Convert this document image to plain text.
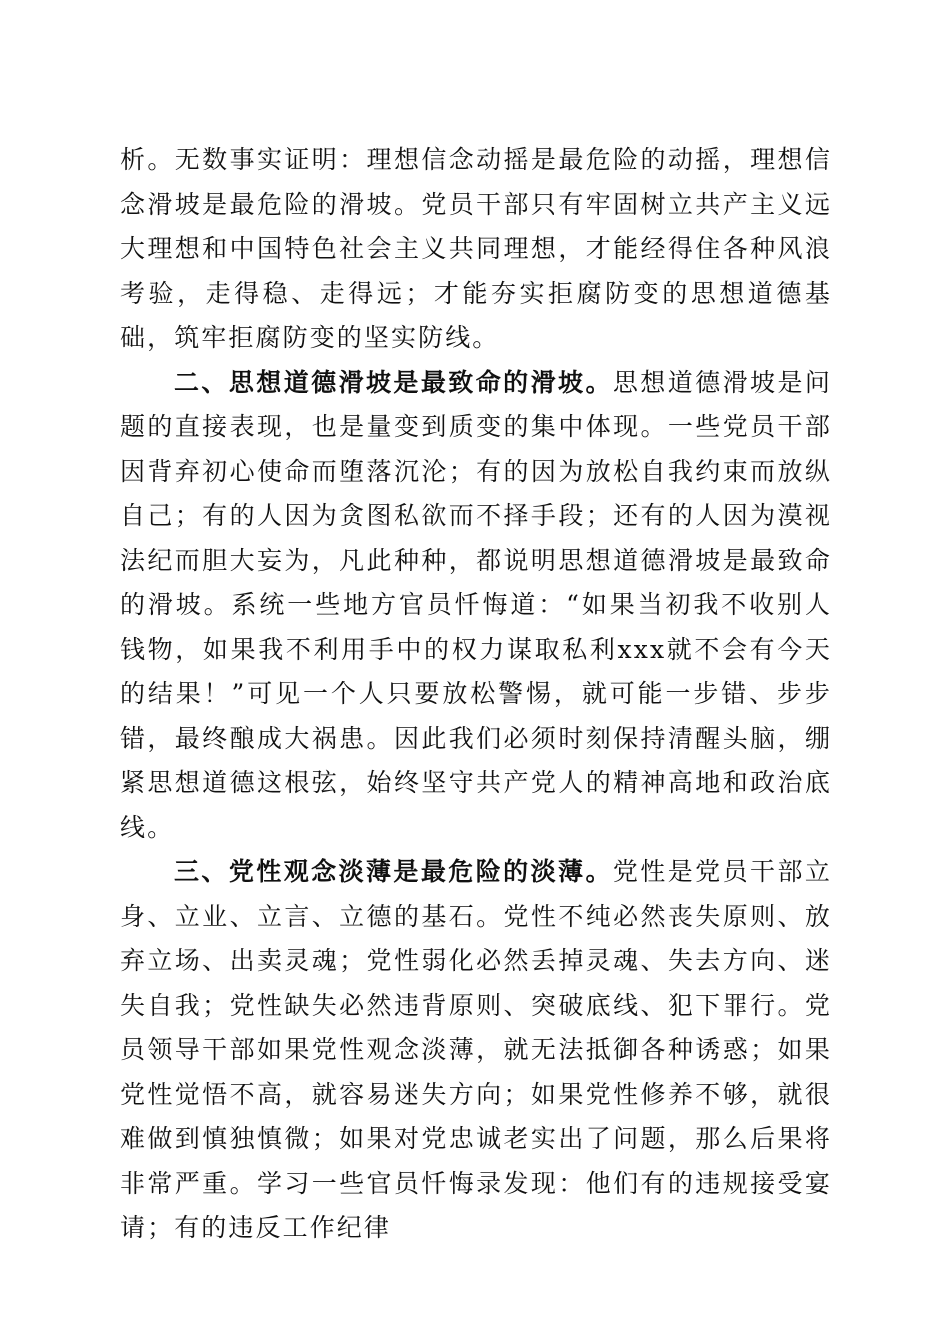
析。无数事实证明：理想信念动摇是最危险的动摇，理想信念滑坡是最危险的滑坡。党员干部只有牢固树立共产主义远大理想和中国特色社会主义共同理想，才能经得住各种风浪考验，走得稳、走得远；才能夯实拒腐防变的思想道德基础，筑牢拒腐防变的坚实防线。

二、思想道德滑坡是最致命的滑坡。思想道德滑坡是问题的直接表现，也是量变到质变的集中体现。一些党员干部因背弃初心使命而堕落沉沦；有的因为放松自我约束而放纵自己；有的人因为贪图私欲而不择手段；还有的人因为漠视法纪而胆大妄为，凡此种种，都说明思想道德滑坡是最致命的滑坡。系统一些地方官员忏悔道：“如果当初我不收别人钱物，如果我不利用手中的权力谋取私利xxx就不会有今天的结果！”可见一个人只要放松警惕，就可能一步错、步步错，最终酿成大祸患。因此我们必须时刻保持清醒头脑，绷紧思想道德这根弦，始终坚守共产党人的精神高地和政治底线。

三、党性观念淡薄是最危险的淡薄。党性是党员干部立身、立业、立言、立德的基石。党性不纯必然丧失原则、放弃立场、出卖灵魂；党性弱化必然丢掉灵魂、失去方向、迷失自我；党性缺失必然违背原则、突破底线、犯下罪行。党员领导干部如果党性观念淡薄，就无法抵御各种诱惑；如果党性觉悟不高，就容易迷失方向；如果党性修养不够，就很难做到慎独慎微；如果对党忠诚老实出了问题，那么后果将非常严重。学习一些官员忏悔录发现：他们有的违规接受宴请；有的违反工作纪律
